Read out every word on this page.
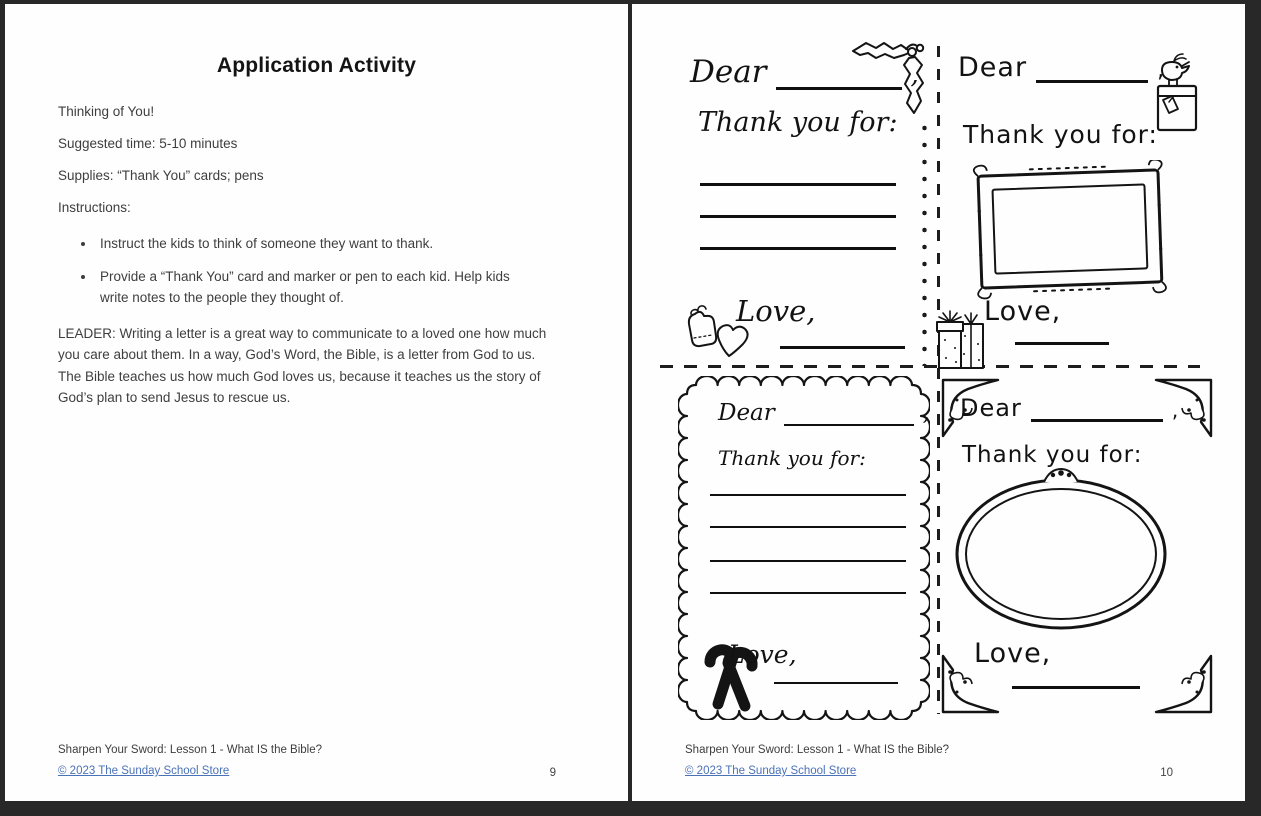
Application Activity

Thinking of You!

Suggested time: 5-10 minutes

Supplies: “Thank You” cards; pens

Instructions:

• Instruct the kids to think of someone they want to thank.
• Provide a “Thank You” card and marker or pen to each kid. Help kids write notes to the people they thought of.

LEADER: Writing a letter is a great way to communicate to a loved one how much you care about them. In a way, God’s Word, the Bible, is a letter from God to us. The Bible teaches us how much God loves us, because it teaches us the story of God’s plan to send Jesus to rescue us.

Sharpen Your Sword: Lesson 1 - What IS the Bible?

© 2023 The Sunday School Store	9
Dear	,
Thank you for:
Love,
Dear	,
Thank you for:
Love,
Dear	,
Thank you for:
Love,
Dear	,
Thank you for:
Love,

Sharpen Your Sword: Lesson 1 - What IS the Bible?

© 2023 The Sunday School Store	10
